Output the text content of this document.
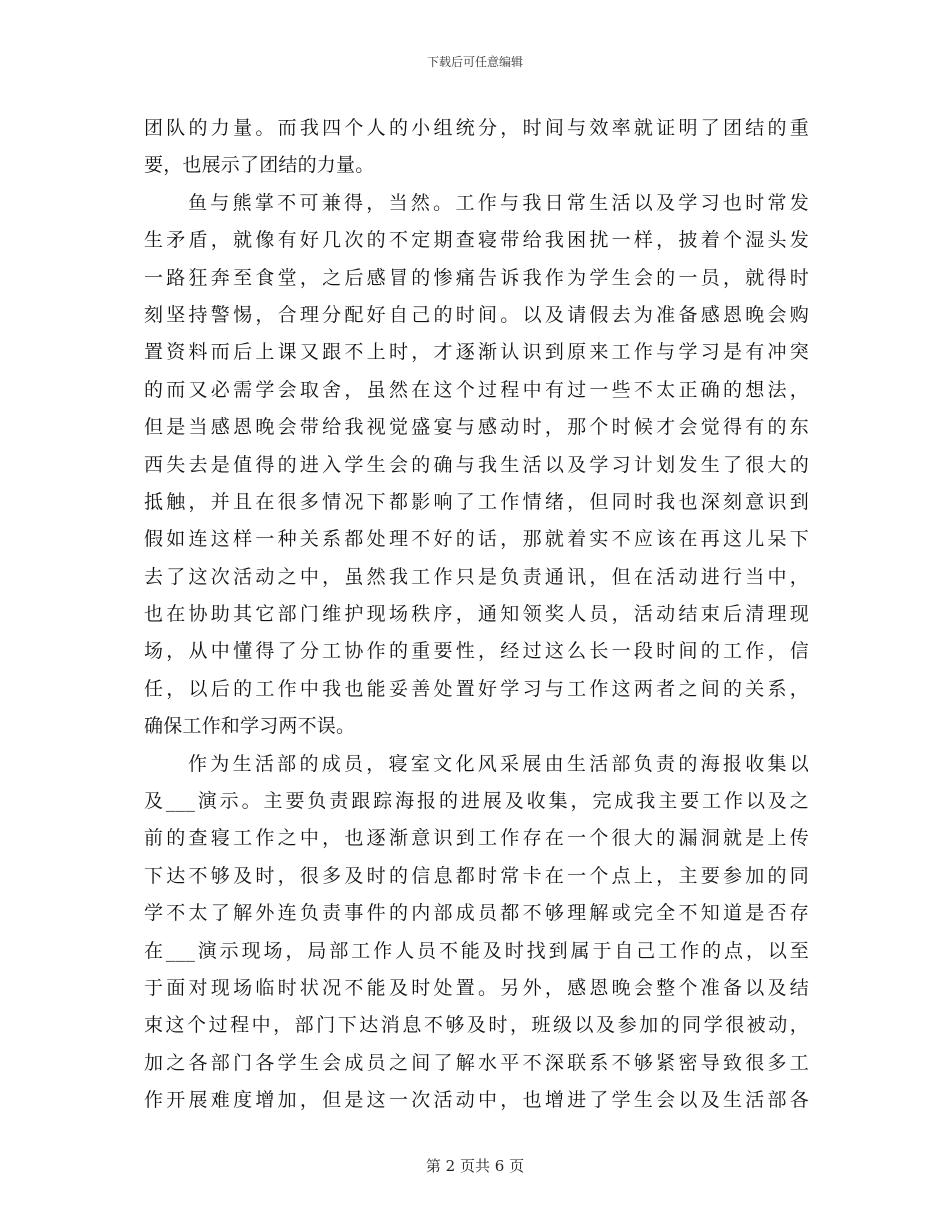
下载后可任意编辑
团队的力量。而我四个人的小组统分，时间与效率就证明了团结的重
要，也展示了团结的力量。
鱼与熊掌不可兼得，当然。工作与我日常生活以及学习也时常发
生矛盾，就像有好几次的不定期查寝带给我困扰一样，披着个湿头发
一路狂奔至食堂，之后感冒的惨痛告诉我作为学生会的一员，就得时
刻坚持警惕，合理分配好自己的时间。以及请假去为准备感恩晚会购
置资料而后上课又跟不上时，才逐渐认识到原来工作与学习是有冲突
的而又必需学会取舍，虽然在这个过程中有过一些不太正确的想法，
但是当感恩晚会带给我视觉盛宴与感动时，那个时候才会觉得有的东
西失去是值得的进入学生会的确与我生活以及学习计划发生了很大的
抵触，并且在很多情况下都影响了工作情绪，但同时我也深刻意识到
假如连这样一种关系都处理不好的话，那就着实不应该在再这儿呆下
去了这次活动之中，虽然我工作只是负责通讯，但在活动进行当中，
也在协助其它部门维护现场秩序，通知领奖人员，活动结束后清理现
场，从中懂得了分工协作的重要性，经过这么长一段时间的工作，信
任，以后的工作中我也能妥善处置好学习与工作这两者之间的关系，
确保工作和学习两不误。
作为生活部的成员，寝室文化风采展由生活部负责的海报收集以
及___演示。主要负责跟踪海报的进展及收集，完成我主要工作以及之
前的查寝工作之中，也逐渐意识到工作存在一个很大的漏洞就是上传
下达不够及时，很多及时的信息都时常卡在一个点上，主要参加的同
学不太了解外连负责事件的内部成员都不够理解或完全不知道是否存
在___演示现场，局部工作人员不能及时找到属于自己工作的点，以至
于面对现场临时状况不能及时处置。另外，感恩晚会整个准备以及结
束这个过程中，部门下达消息不够及时，班级以及参加的同学很被动，
加之各部门各学生会成员之间了解水平不深联系不够紧密导致很多工
作开展难度增加，但是这一次活动中，也增进了学生会以及生活部各
第 2 页共 6 页
